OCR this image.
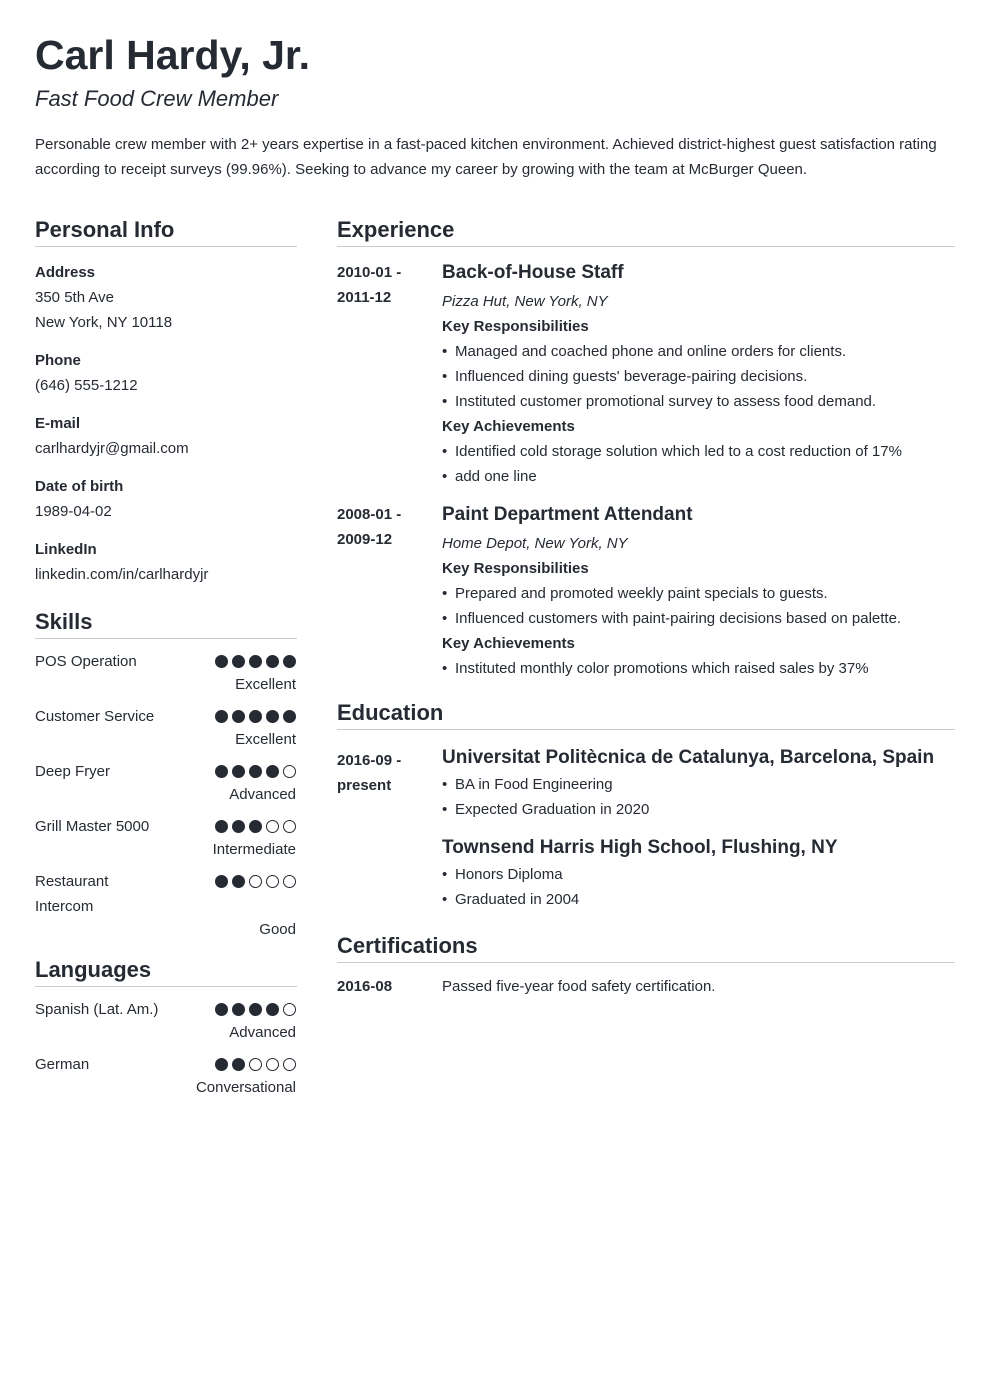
Carl Hardy, Jr.
Fast Food Crew Member
Personable crew member with 2+ years expertise in a fast-paced kitchen environment. Achieved district-highest guest satisfaction rating according to receipt surveys (99.96%). Seeking to advance my career by growing with the team at McBurger Queen.
Personal Info
Address
350 5th Ave
New York, NY 10118
Phone
(646) 555-1212
E-mail
carlhardyjr@gmail.com
Date of birth
1989-04-02
LinkedIn
linkedin.com/in/carlhardyjr
Skills
POS Operation
Excellent
Customer Service
Excellent
Deep Fryer
Advanced
Grill Master 5000
Intermediate
Restaurant Intercom
Good
Languages
Spanish (Lat. Am.)
Advanced
German
Conversational
Experience
2010-01 -
2011-12
Back-of-House Staff
Pizza Hut, New York, NY
Key Responsibilities
• Managed and coached phone and online orders for clients.
• Influenced dining guests' beverage-pairing decisions.
• Instituted customer promotional survey to assess food demand.
Key Achievements
• Identified cold storage solution which led to a cost reduction of 17%
• add one line
2008-01 -
2009-12
Paint Department Attendant
Home Depot, New York, NY
Key Responsibilities
• Prepared and promoted weekly paint specials to guests.
• Influenced customers with paint-pairing decisions based on palette.
Key Achievements
• Instituted monthly color promotions which raised sales by 37%
Education
2016-09 -
present
Universitat Politècnica de Catalunya, Barcelona, Spain
• BA in Food Engineering
• Expected Graduation in 2020
Townsend Harris High School, Flushing, NY
• Honors Diploma
• Graduated in 2004
Certifications
2016-08	Passed five-year food safety certification.
